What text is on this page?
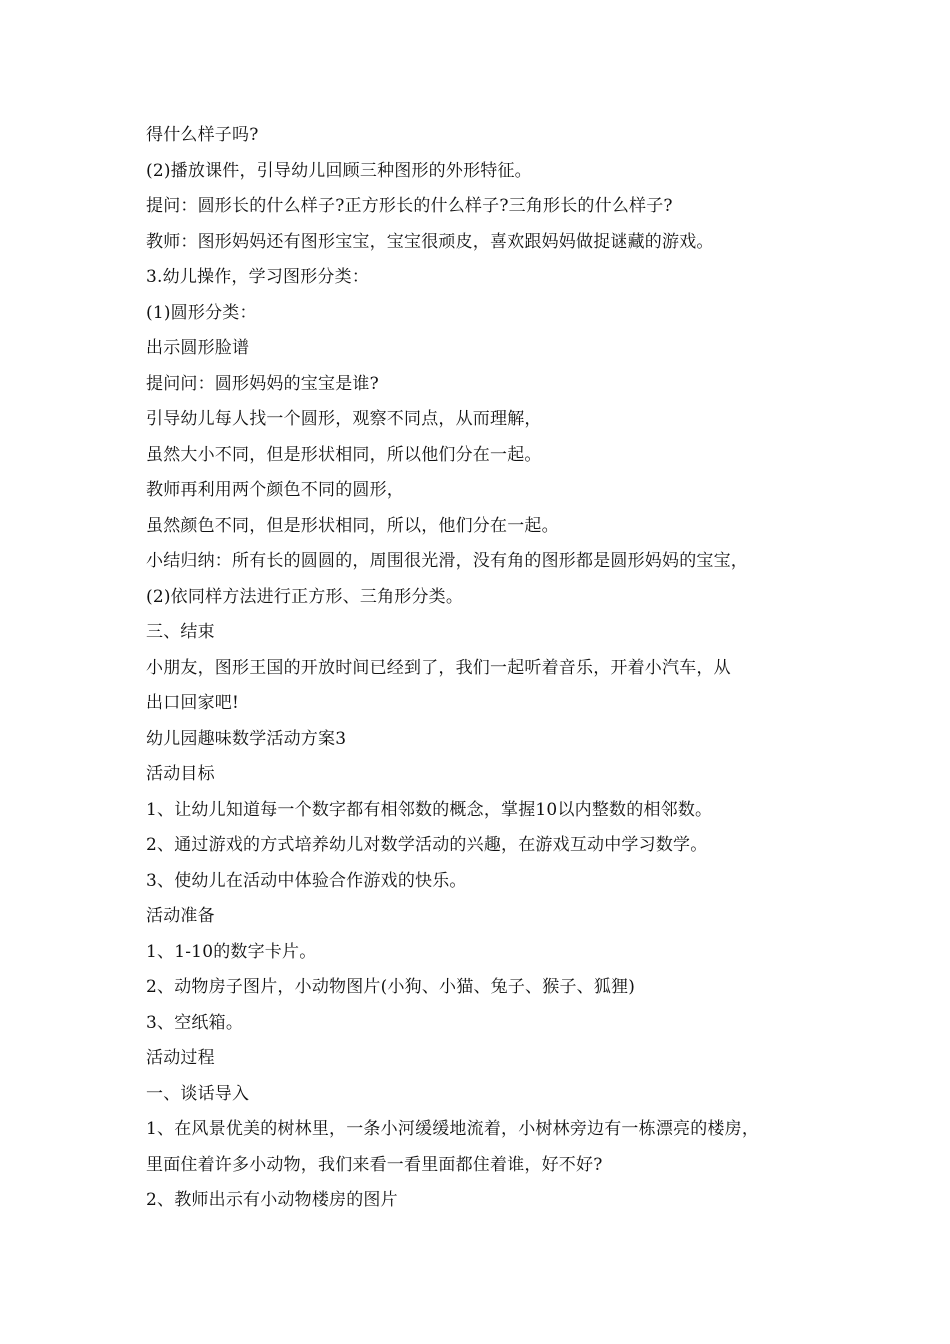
得什么样子吗?
(2)播放课件，引导幼儿回顾三种图形的外形特征。
提问：圆形长的什么样子?正方形长的什么样子?三角形长的什么样子?
教师：图形妈妈还有图形宝宝，宝宝很顽皮，喜欢跟妈妈做捉谜藏的游戏。
3.幼儿操作，学习图形分类：
(1)圆形分类：
出示圆形脸谱
提问问：圆形妈妈的宝宝是谁?
引导幼儿每人找一个圆形，观察不同点，从而理解，
虽然大小不同，但是形状相同，所以他们分在一起。
教师再利用两个颜色不同的圆形，
虽然颜色不同，但是形状相同，所以，他们分在一起。
小结归纳：所有长的圆圆的，周围很光滑，没有角的图形都是圆形妈妈的宝宝，
(2)依同样方法进行正方形、三角形分类。
三、结束
小朋友，图形王国的开放时间已经到了，我们一起听着音乐，开着小汽车，从
出口回家吧!
幼儿园趣味数学活动方案3
活动目标
1、让幼儿知道每一个数字都有相邻数的概念，掌握10以内整数的相邻数。
2、通过游戏的方式培养幼儿对数学活动的兴趣，在游戏互动中学习数学。
3、使幼儿在活动中体验合作游戏的快乐。
活动准备
1、1-10的数字卡片。
2、动物房子图片，小动物图片(小狗、小猫、兔子、猴子、狐狸)
3、空纸箱。
活动过程
一、谈话导入
1、在风景优美的树林里，一条小河缓缓地流着，小树林旁边有一栋漂亮的楼房，
里面住着许多小动物，我们来看一看里面都住着谁，好不好?
2、教师出示有小动物楼房的图片
